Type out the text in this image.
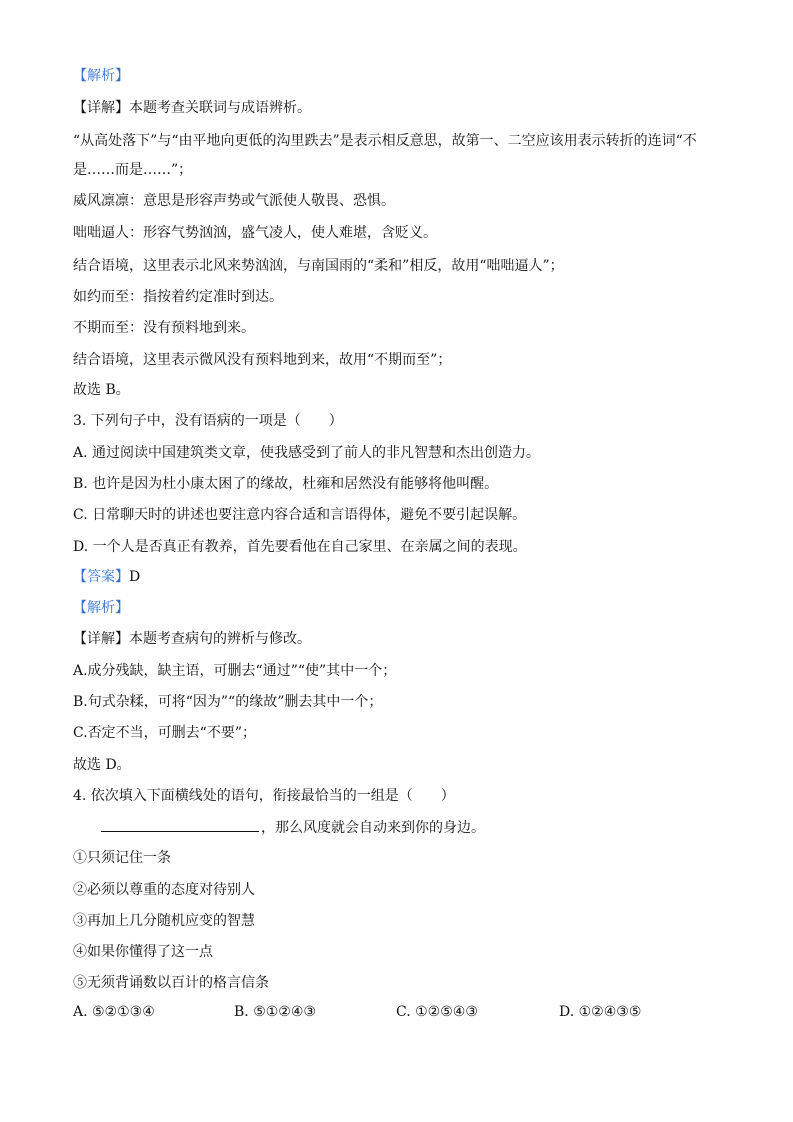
【解析】
【详解】本题考查关联词与成语辨析。
“从高处落下”与“由平地向更低的沟里跌去”是表示相反意思，故第一、二空应该用表示转折的连词“不
是……而是……”；
威风凛凛：意思是形容声势或气派使人敬畏、恐惧。
咄咄逼人：形容气势汹汹，盛气凌人，使人难堪，含贬义。
结合语境，这里表示北风来势汹汹，与南国雨的“柔和”相反，故用“咄咄逼人”；
如约而至：指按着约定准时到达。
不期而至：没有预料地到来。
结合语境，这里表示微风没有预料地到来，故用“不期而至”；
故选 B。
3. 下列句子中，没有语病的一项是（　　）
A. 通过阅读中国建筑类文章，使我感受到了前人的非凡智慧和杰出创造力。
B. 也许是因为杜小康太困了的缘故，杜雍和居然没有能够将他叫醒。
C. 日常聊天时的讲述也要注意内容合适和言语得体，避免不要引起误解。
D. 一个人是否真正有教养，首先要看他在自己家里、在亲属之间的表现。
【答案】D
【解析】
【详解】本题考查病句的辨析与修改。
A.成分残缺，缺主语，可删去“通过”“使”其中一个；
B.句式杂糅，可将“因为”“的缘故”删去其中一个；
C.否定不当，可删去“不要”；
故选 D。
4. 依次填入下面横线处的语句，衔接最恰当的一组是（　　）
，那么风度就会自动来到你的身边。
①只须记住一条
②必须以尊重的态度对待别人
③再加上几分随机应变的智慧
④如果你懂得了这一点
⑤无须背诵数以百计的格言信条
A. ⑤②①③④	B. ⑤①②④③	C. ①②⑤④③	D. ①②④③⑤
